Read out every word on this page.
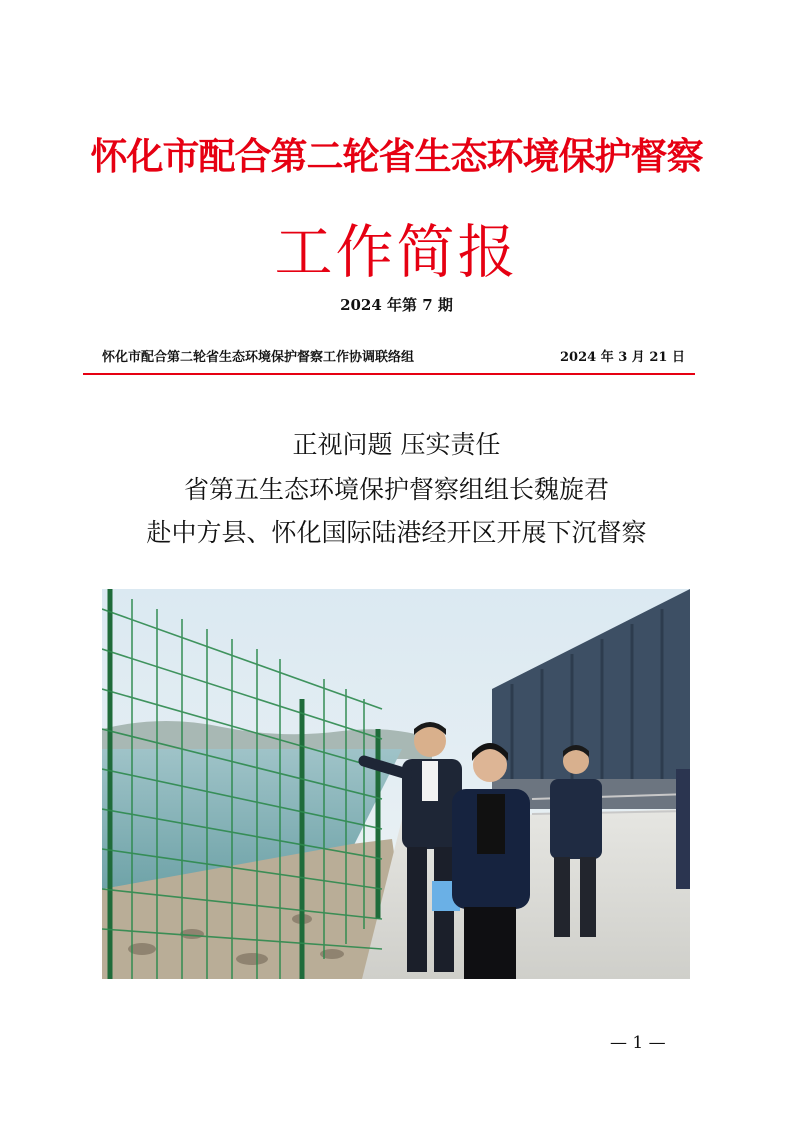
怀化市配合第二轮省生态环境保护督察
工作简报
2024 年第 7 期
怀化市配合第二轮省生态环境保护督察工作协调联络组	2024 年 3 月 21 日
正视问题 压实责任
省第五生态环境保护督察组组长魏旋君
赴中方县、怀化国际陆港经开区开展下沉督察
— 1 —
